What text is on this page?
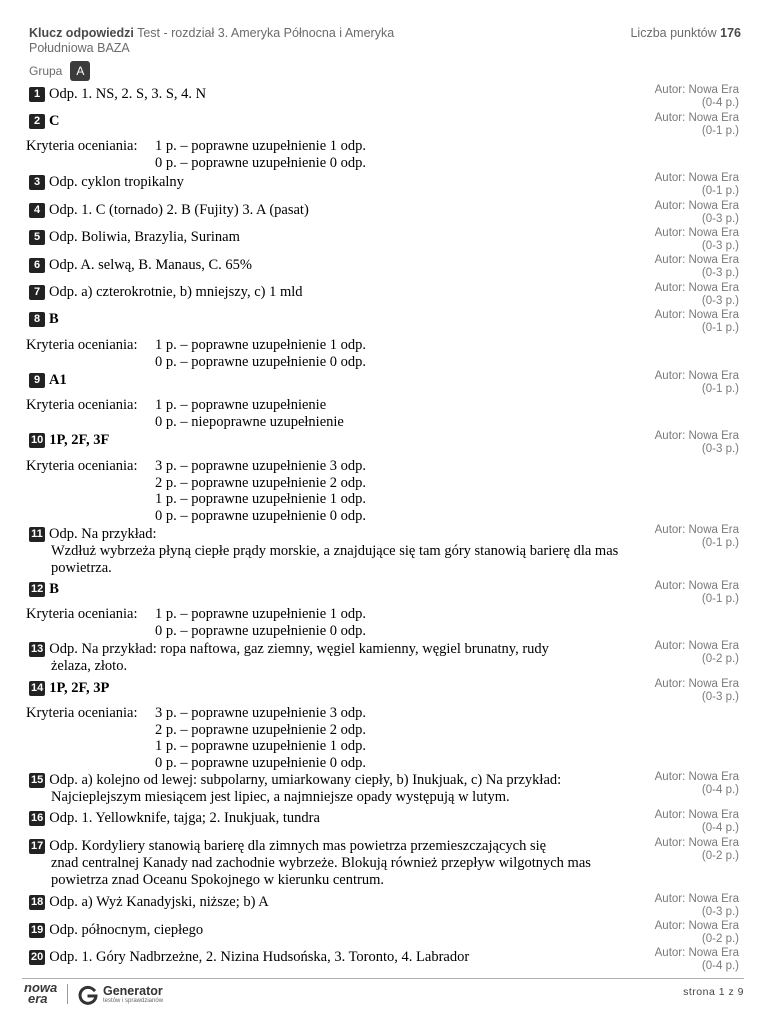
Klucz odpowiedzi Test - rozdział 3. Ameryka Północna i Ameryka Południowa BAZA
Liczba punktów 176
Grupa	A
1 Odp. 1. NS, 2. S, 3. S, 4. N	Autor: Nowa Era
(0-4 p.)
2 C	Autor: Nowa Era
(0-1 p.)
Kryteria oceniania:	1 p. – poprawne uzupełnienie 1 odp.
0 p. – poprawne uzupełnienie 0 odp.
3 Odp. cyklon tropikalny	Autor: Nowa Era
(0-1 p.)
4 Odp. 1. C (tornado) 2. B (Fujity) 3. A (pasat)	Autor: Nowa Era
(0-3 p.)
5 Odp. Boliwia, Brazylia, Surinam	Autor: Nowa Era
(0-3 p.)
6 Odp. A. selwą, B. Manaus, C. 65%	Autor: Nowa Era
(0-3 p.)
7 Odp. a) czterokrotnie, b) mniejszy, c) 1 mld	Autor: Nowa Era
(0-3 p.)
8 B	Autor: Nowa Era
(0-1 p.)
Kryteria oceniania:	1 p. – poprawne uzupełnienie 1 odp.
0 p. – poprawne uzupełnienie 0 odp.
9 A1	Autor: Nowa Era
(0-1 p.)
Kryteria oceniania:	1 p. – poprawne uzupełnienie
0 p. – niepoprawne uzupełnienie
10 1P, 2F, 3F	Autor: Nowa Era
(0-3 p.)
Kryteria oceniania:	3 p. – poprawne uzupełnienie 3 odp.
2 p. – poprawne uzupełnienie 2 odp.
1 p. – poprawne uzupełnienie 1 odp.
0 p. – poprawne uzupełnienie 0 odp.
11 Odp. Na przykład:
Wzdłuż wybrzeża płyną ciepłe prądy morskie, a znajdujące się tam góry stanowią barierę dla mas powietrza.
Autor: Nowa Era
(0-1 p.)
12 B	Autor: Nowa Era
(0-1 p.)
Kryteria oceniania:	1 p. – poprawne uzupełnienie 1 odp.
0 p. – poprawne uzupełnienie 0 odp.
13 Odp. Na przykład: ropa naftowa, gaz ziemny, węgiel kamienny, węgiel brunatny, rudy
żelaza, złoto.
Autor: Nowa Era
(0-2 p.)
14 1P, 2F, 3P	Autor: Nowa Era
(0-3 p.)
Kryteria oceniania:	3 p. – poprawne uzupełnienie 3 odp.
2 p. – poprawne uzupełnienie 2 odp.
1 p. – poprawne uzupełnienie 1 odp.
0 p. – poprawne uzupełnienie 0 odp.
15 Odp. a) kolejno od lewej: subpolarny, umiarkowany ciepły, b) Inukjuak, c) Na przykład:
Najcieplejszym miesiącem jest lipiec, a najmniejsze opady występują w lutym.
Autor: Nowa Era
(0-4 p.)
16 Odp. 1. Yellowknife, tajga; 2. Inukjuak, tundra	Autor: Nowa Era
(0-4 p.)
17 Odp. Kordyliery stanowią barierę dla zimnych mas powietrza przemieszczających się
znad centralnej Kanady nad zachodnie wybrzeże. Blokują również przepływ wilgotnych mas powietrza znad Oceanu Spokojnego w kierunku centrum.
Autor: Nowa Era
(0-2 p.)
18 Odp. a) Wyż Kanadyjski, niższe; b) A	Autor: Nowa Era
(0-3 p.)
19 Odp. północnym, ciepłego	Autor: Nowa Era
(0-2 p.)
20 Odp. 1. Góry Nadbrzeżne, 2. Nizina Hudsońska, 3. Toronto, 4. Labrador	Autor: Nowa Era
(0-4 p.)
nowa
era	Generator
testów i sprawdzianów
strona 1 z 9
